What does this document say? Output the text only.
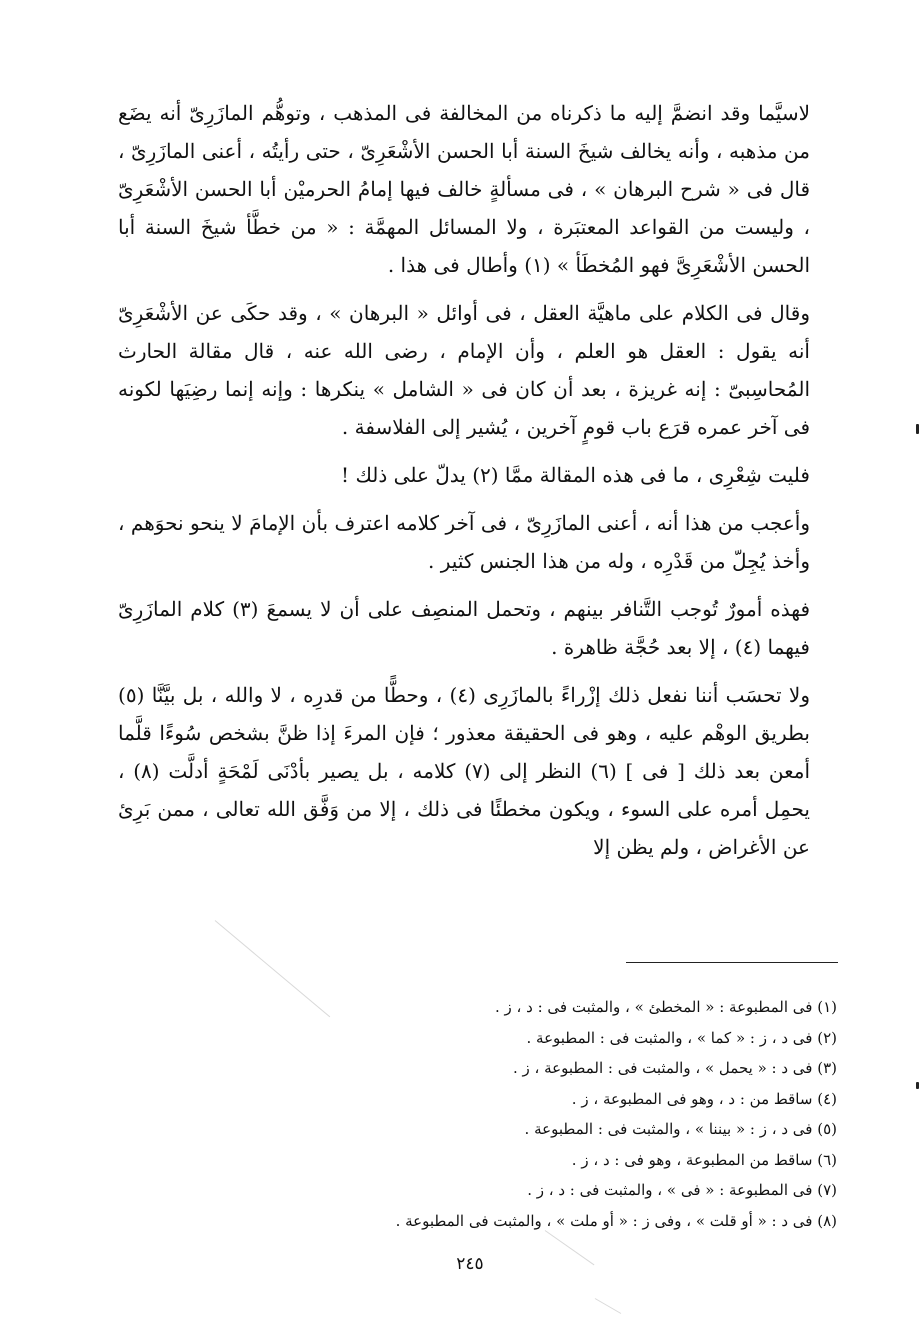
لاسيَّما وقد انضمَّ إليه ما ذكرناه من المخالفة فى المذهب ، وتوهُّم المازَرِىّ أنه يضَع من مذهبه ، وأنه يخالف شيخَ السنة أبا الحسن الأشْعَرِىّ ، حتى رأيتُه ، أعنى المازَرِىّ ، قال فى « شرح البرهان » ، فى مسألةٍ خالف فيها إمامُ الحرميْن أبا الحسن الأشْعَرِىّ ، وليست من القواعد المعتبَرة ، ولا المسائل المهمَّة : « من خطَّأ شيخَ السنة أبا الحسن الأشْعَرِىَّ فهو المُخطَأ » (١) وأطال فى هذا .

وقال فى الكلام على ماهيَّة العقل ، فى أوائل « البرهان » ، وقد حكَى عن الأشْعَرِىّ أنه يقول : العقل هو العلم ، وأن الإمام ، رضى الله عنه ، قال مقالة الحارث المُحاسِبىّ : إنه غريزة ، بعد أن كان فى « الشامل » ينكرها : وإنه إنما رضِيَها لكونه فى آخر عمره قرَع باب قومٍ آخرين ، يُشير إلى الفلاسفة .

فليت شِعْرِى ، ما فى هذه المقالة ممَّا (٢) يدلّ على ذلك !

وأعجب من هذا أنه ، أعنى المازَرِىّ ، فى آخر كلامه اعترف بأن الإمامَ لا ينحو نحوَهم ، وأخذ يُجِلّ من قَدْرِه ، وله من هذا الجنس كثير .

فهذه أمورٌ تُوجب التَّنافر بينهم ، وتحمل المنصِف على أن لا يسمعَ (٣) كلام المازَرِىّ فيهما (٤) ، إلا بعد حُجَّة ظاهرة .

ولا تحسَب أننا نفعل ذلك إزْراءً بالمازَرِى (٤) ، وحطًّا من قدرِه ، لا والله ، بل بيَّنَّا (٥) بطريق الوهْم عليه ، وهو فى الحقيقة معذور ؛ فإن المرءَ إذا ظنَّ بشخص سُوءًا قلَّما أمعن بعد ذلك [ فى ] (٦) النظر إلى (٧) كلامه ، بل يصير بأدْنَى لَمْحَةٍ أدلَّت (٨) ، يحمِل أمره على السوء ، ويكون مخطئًا فى ذلك ، إلا من وَفَّق الله تعالى ، ممن بَرِئ عن الأغراض ، ولم يظن إلا

(١) فى المطبوعة : « المخطئ » ، والمثبت فى : د ، ز .
(٢) فى د ، ز : « كما » ، والمثبت فى : المطبوعة .
(٣) فى د : « يحمل » ، والمثبت فى : المطبوعة ، ز .
(٤) ساقط من : د ، وهو فى المطبوعة ، ز .
(٥) فى د ، ز : « بيننا » ، والمثبت فى : المطبوعة .
(٦) ساقط من المطبوعة ، وهو فى : د ، ز .
(٧) فى المطبوعة : « فى » ، والمثبت فى : د ، ز .
(٨) فى د : « أو قلت » ، وفى ز : « أو ملت » ، والمثبت فى المطبوعة .
٢٤٥
